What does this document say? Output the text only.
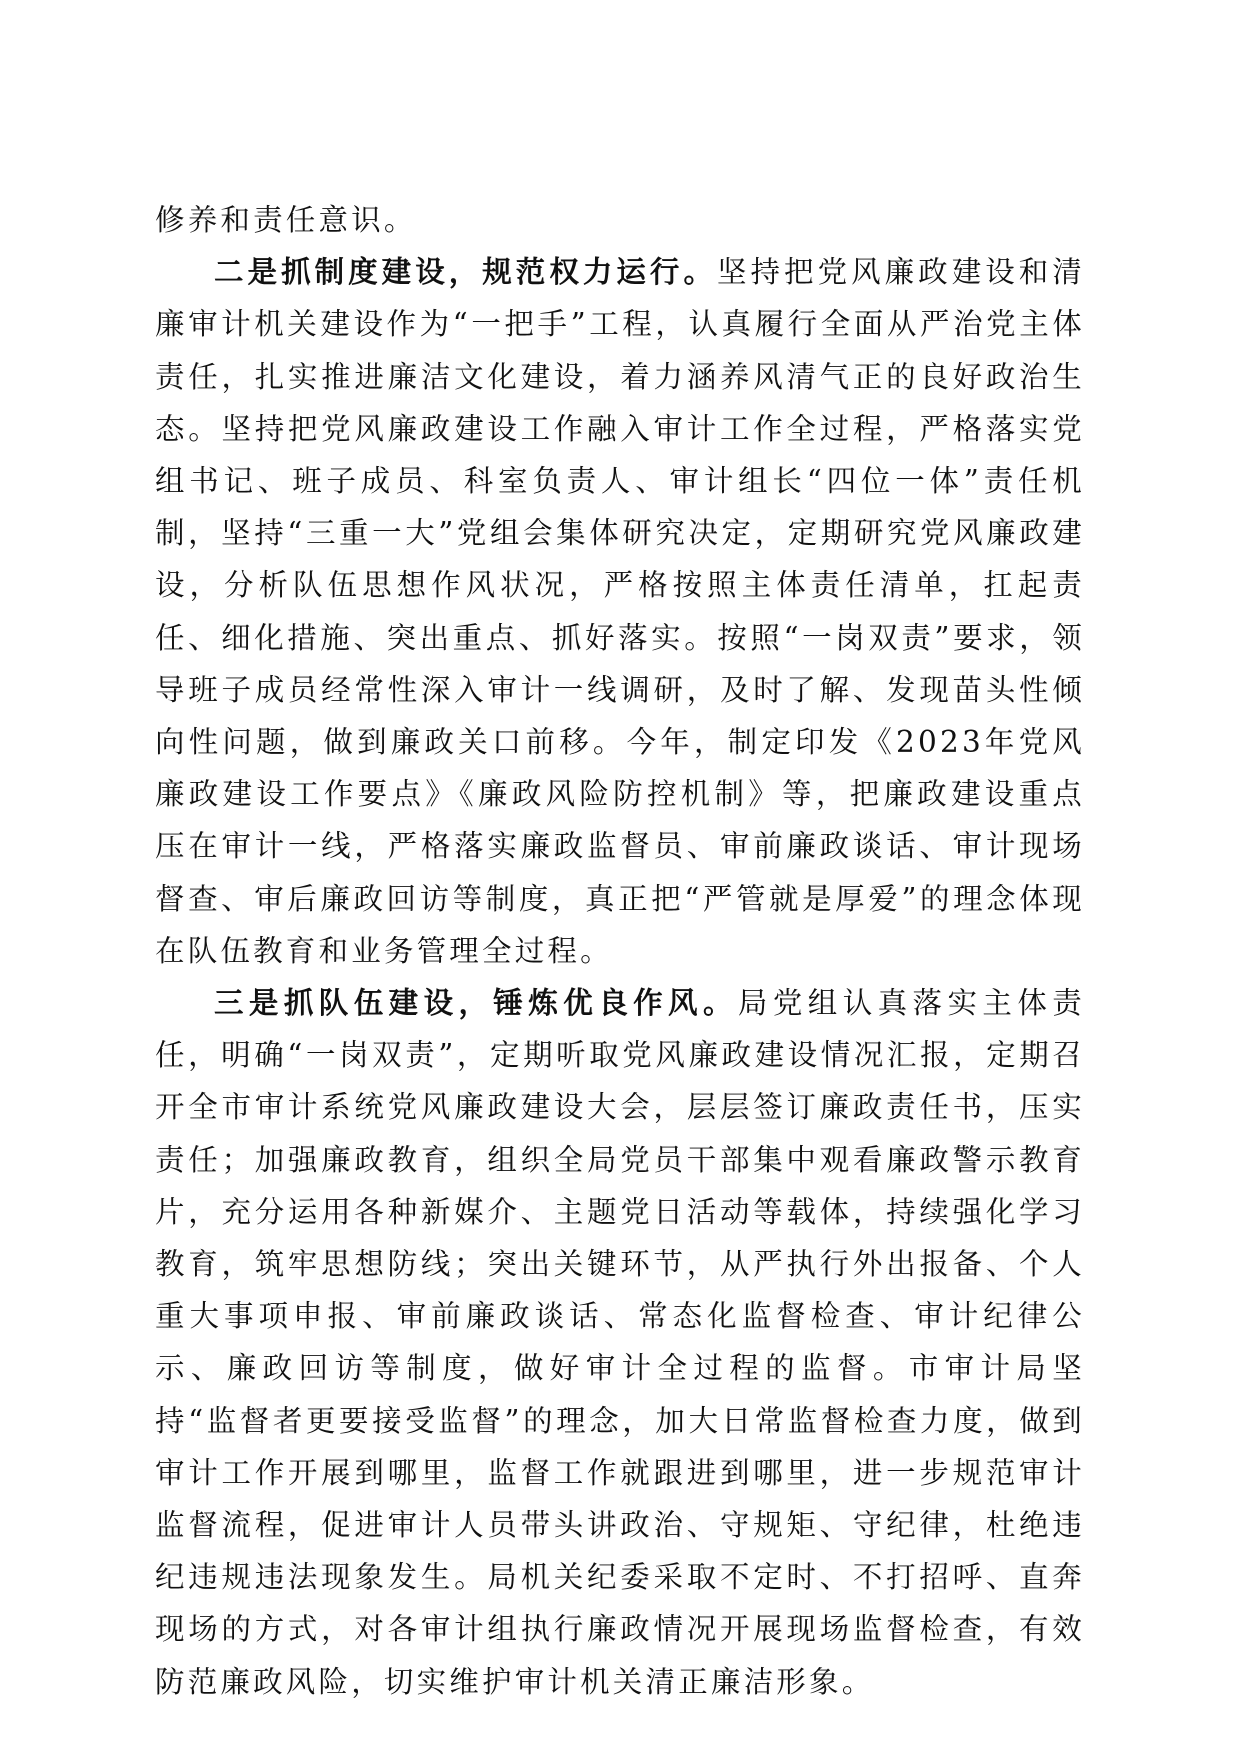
修养和责任意识。

二是抓制度建设，规范权力运行。坚持把党风廉政建设和清廉审计机关建设作为“一把手”工程，认真履行全面从严治党主体责任，扎实推进廉洁文化建设，着力涵养风清气正的良好政治生态。坚持把党风廉政建设工作融入审计工作全过程，严格落实党组书记、班子成员、科室负责人、审计组长“四位一体”责任机制，坚持“三重一大”党组会集体研究决定，定期研究党风廉政建设，分析队伍思想作风状况，严格按照主体责任清单，扛起责任、细化措施、突出重点、抓好落实。按照“一岗双责”要求，领导班子成员经常性深入审计一线调研，及时了解、发现苗头性倾向性问题，做到廉政关口前移。今年，制定印发《2023年党风廉政建设工作要点》《廉政风险防控机制》等，把廉政建设重点压在审计一线，严格落实廉政监督员、审前廉政谈话、审计现场督查、审后廉政回访等制度，真正把“严管就是厚爱”的理念体现在队伍教育和业务管理全过程。

三是抓队伍建设，锤炼优良作风。局党组认真落实主体责任，明确“一岗双责”，定期听取党风廉政建设情况汇报，定期召开全市审计系统党风廉政建设大会，层层签订廉政责任书，压实责任；加强廉政教育，组织全局党员干部集中观看廉政警示教育片，充分运用各种新媒介、主题党日活动等载体，持续强化学习教育，筑牢思想防线；突出关键环节，从严执行外出报备、个人重大事项申报、审前廉政谈话、常态化监督检查、审计纪律公示、廉政回访等制度，做好审计全过程的监督。市审计局坚持“监督者更要接受监督”的理念，加大日常监督检查力度，做到审计工作开展到哪里，监督工作就跟进到哪里，进一步规范审计监督流程，促进审计人员带头讲政治、守规矩、守纪律，杜绝违纪违规违法现象发生。局机关纪委采取不定时、不打招呼、直奔现场的方式，对各审计组执行廉政情况开展现场监督检查，有效防范廉政风险，切实维护审计机关清正廉洁形象。
